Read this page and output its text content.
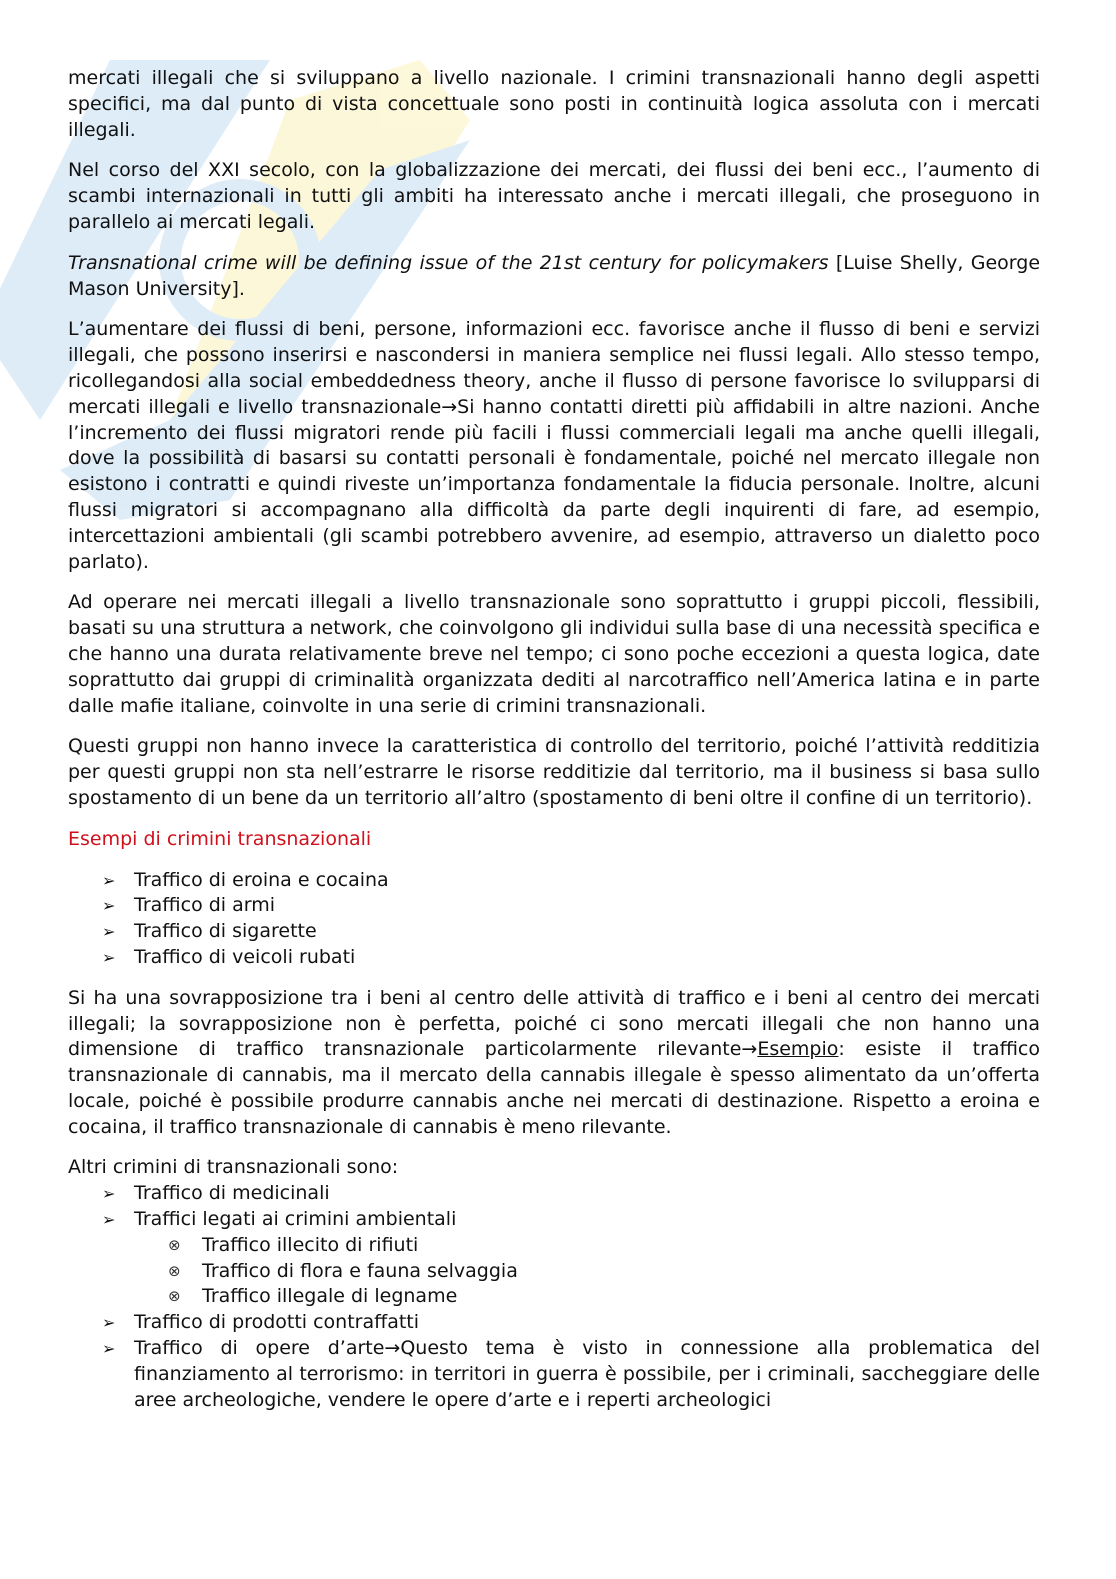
mercati illegali che si sviluppano a livello nazionale. I crimini transnazionali hanno degli aspetti specifici, ma dal punto di vista concettuale sono posti in continuità logica assoluta con i mercati illegali.

Nel corso del XXI secolo, con la globalizzazione dei mercati, dei flussi dei beni ecc., l’aumento di scambi internazionali in tutti gli ambiti ha interessato anche i mercati illegali, che proseguono in parallelo ai mercati legali.

Transnational crime will be defining issue of the 21st century for policymakers [Luise Shelly, George Mason University].

L’aumentare dei flussi di beni, persone, informazioni ecc. favorisce anche il flusso di beni e servizi illegali, che possono inserirsi e nascondersi in maniera semplice nei flussi legali. Allo stesso tempo, ricollegandosi alla social embeddedness theory, anche il flusso di persone favorisce lo svilupparsi di mercati illegali e livello transnazionale→Si hanno contatti diretti più affidabili in altre nazioni. Anche l’incremento dei flussi migratori rende più facili i flussi commerciali legali ma anche quelli illegali, dove la possibilità di basarsi su contatti personali è fondamentale, poiché nel mercato illegale non esistono i contratti e quindi riveste un’importanza fondamentale la fiducia personale. Inoltre, alcuni flussi migratori si accompagnano alla difficoltà da parte degli inquirenti di fare, ad esempio, intercettazioni ambientali (gli scambi potrebbero avvenire, ad esempio, attraverso un dialetto poco parlato).

Ad operare nei mercati illegali a livello transnazionale sono soprattutto i gruppi piccoli, flessibili, basati su una struttura a network, che coinvolgono gli individui sulla base di una necessità specifica e che hanno una durata relativamente breve nel tempo; ci sono poche eccezioni a questa logica, date soprattutto dai gruppi di criminalità organizzata dediti al narcotraffico nell’America latina e in parte dalle mafie italiane, coinvolte in una serie di crimini transnazionali.

Questi gruppi non hanno invece la caratteristica di controllo del territorio, poiché l’attività redditizia per questi gruppi non sta nell’estrarre le risorse redditizie dal territorio, ma il business si basa sullo spostamento di un bene da un territorio all’altro (spostamento di beni oltre il confine di un territorio).

Esempi di crimini transnazionali

➢ Traffico di eroina e cocaina
➢ Traffico di armi
➢ Traffico di sigarette
➢ Traffico di veicoli rubati

Si ha una sovrapposizione tra i beni al centro delle attività di traffico e i beni al centro dei mercati illegali; la sovrapposizione non è perfetta, poiché ci sono mercati illegali che non hanno una dimensione di traffico transnazionale particolarmente rilevante→Esempio: esiste il traffico transnazionale di cannabis, ma il mercato della cannabis illegale è spesso alimentato da un’offerta locale, poiché è possibile produrre cannabis anche nei mercati di destinazione. Rispetto a eroina e cocaina, il traffico transnazionale di cannabis è meno rilevante.

Altri crimini di transnazionali sono:

➢ Traffico di medicinali
➢ Traffici legati ai crimini ambientali
⊗ Traffico illecito di rifiuti
⊗ Traffico di flora e fauna selvaggia
⊗ Traffico illegale di legname
➢ Traffico di prodotti contraffatti
➢ Traffico di opere d’arte→Questo tema è visto in connessione alla problematica del finanziamento al terrorismo: in territori in guerra è possibile, per i criminali, saccheggiare delle aree archeologiche, vendere le opere d’arte e i reperti archeologici
